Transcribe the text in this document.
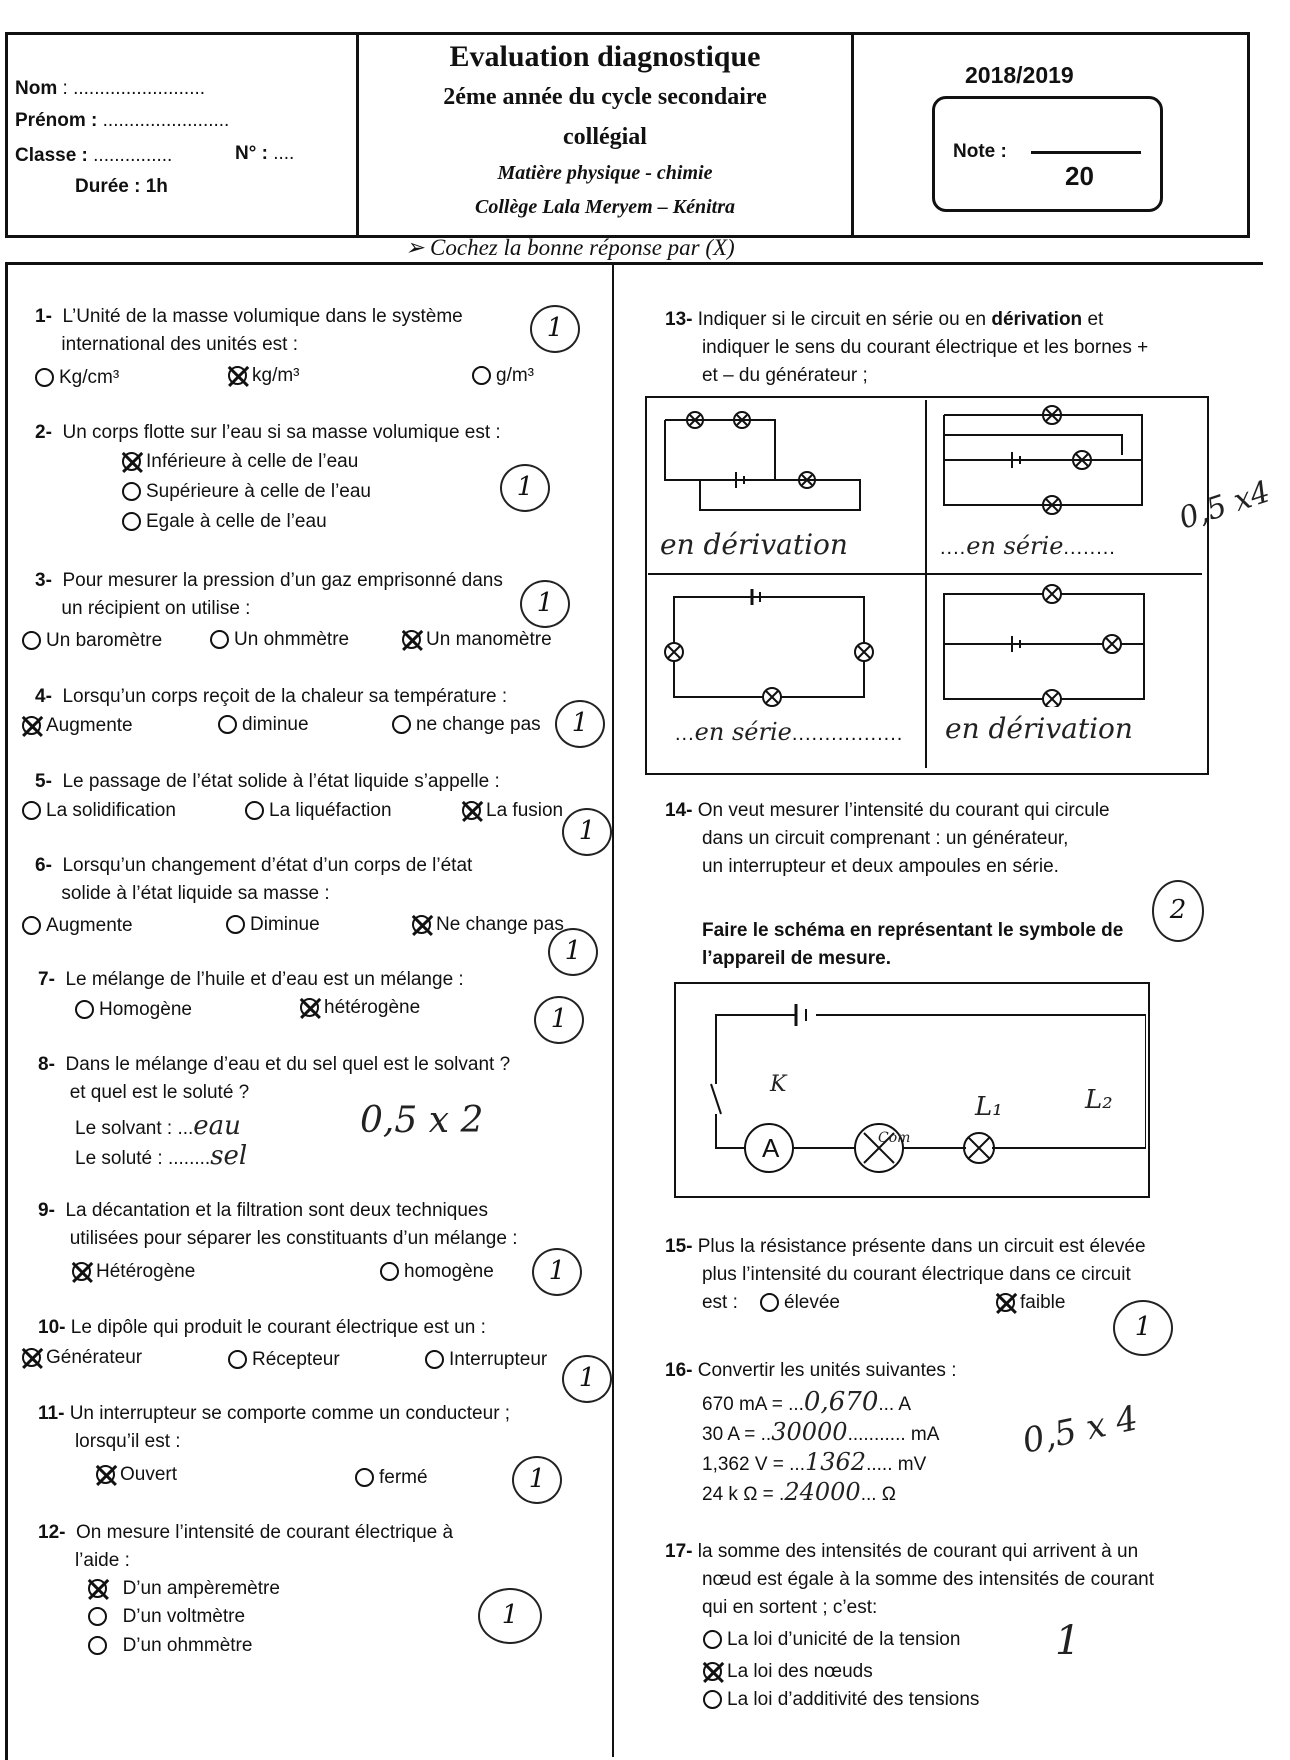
Nom : .........................
Prénom : ........................
Classe : ...............	N° : ....
Durée : 1h
Evaluation diagnostique
2éme année du cycle secondaire
collégial
Matière physique - chimie
Collège Lala Meryem – Kénitra
2018/2019
Note :
20
➢ Cochez la bonne réponse par (X)
1- L’Unité de la masse volumique dans le système
international des unités est :
Kg/cm³	kg/m³	g/m³
1
2- Un corps flotte sur l’eau si sa masse volumique est :
Inférieure à celle de l’eau
Supérieure à celle de l’eau
Egale à celle de l’eau
1
3- Pour mesurer la pression d’un gaz emprisonné dans
un récipient on utilise :
Un baromètre	Un ohmmètre	Un manomètre
1
4- Lorsqu’un corps reçoit de la chaleur sa température :
Augmente	diminue	ne change pas	1
5- Le passage de l’état solide à l’état liquide s’appelle :
La solidification	La liquéfaction	La fusion
1
6- Lorsqu’un changement d’état d’un corps de l’état
solide à l’état liquide sa masse :
Augmente	Diminue	Ne change pas
1
7- Le mélange de l’huile et d’eau est un mélange :
Homogène	hétérogène	1
8- Dans le mélange d’eau et du sel quel est le solvant ?
et quel est le soluté ?
Le solvant : ...eau
Le soluté : ........sel
0,5 x 2
9- La décantation et la filtration sont deux techniques
utilisées pour séparer les constituants d’un mélange :
Hétérogène	homogène	1
10- Le dipôle qui produit le courant électrique est un :
Générateur	Récepteur	Interrupteur
1
11- Un interrupteur se comporte comme un conducteur ;
lorsqu’il est :
Ouvert	fermé	1
12- On mesure l’intensité de courant électrique à
l’aide :
D’un ampèremètre
D’un voltmètre
D’un ohmmètre
1
13- Indiquer si le circuit en série ou en dérivation et
indiquer le sens du courant électrique et les bornes +
et – du générateur ;
en dérivation	....en série........
...en série................. en dérivation
0,5 x4
14- On veut mesurer l’intensité du courant qui circule
dans un circuit comprenant : un générateur,
un interrupteur et deux ampoules en série.
Faire le schéma en représentant le symbole de
l’appareil de mesure.
2
K
A	Com
L₁	L₂
15- Plus la résistance présente dans un circuit est élevée
plus l’intensité du courant électrique dans ce circuit
est :	élevée	faible
1
16- Convertir les unités suivantes :
670 mA = ...0,670... A
30 A = ..30000........... mA
1,362 V = ...1362..... mV
24 k Ω = .24000... Ω
0,5 x 4
17- la somme des intensités de courant qui arrivent à un
nœud est égale à la somme des intensités de courant
qui en sortent ; c’est:
La loi d’unicité de la tension
La loi des nœuds
La loi d’additivité des tensions
1
